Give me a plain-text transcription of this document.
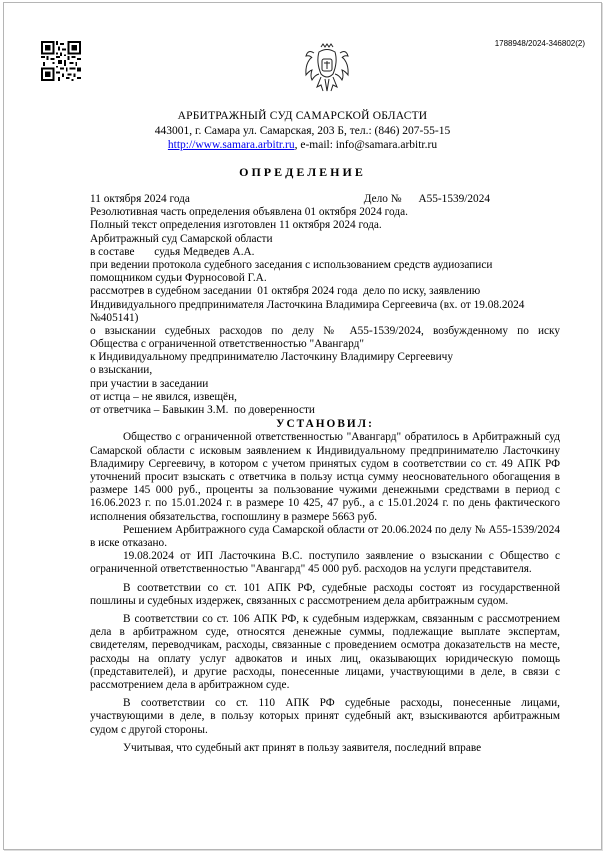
1788948/2024-346802(2)
АРБИТРАЖНЫЙ СУД САМАРСКОЙ ОБЛАСТИ
443001, г. Самара ул. Самарская, 203 Б, тел.: (846) 207-55-15
http://www.samara.arbitr.ru, e-mail: info@samara.arbitr.ru
ОПРЕДЕЛЕНИЕ
11 октября 2024 года	Дело № А55-1539/2024
Резолютивная часть определения объявлена 01 октября 2024 года.
Полный текст определения изготовлен 11 октября 2024 года.
Арбитражный суд Самарской области
в составе       судья Медведев А.А.
при ведении протокола судебного заседания с использованием средств аудиозаписи
помощником судьи Фурносовой Г.А.
рассмотрев в судебном заседании  01 октября 2024 года  дело по иску, заявлению
Индивидуального предпринимателя Ласточкина Владимира Сергеевича (вх. от 19.08.2024
№405141)
о взыскании судебных расходов по делу № А55-1539/2024, возбужденному по иску
Общества с ограниченной ответственностью "Авангард"
к Индивидуальному предпринимателю Ласточкину Владимиру Сергеевичу
о взыскании,
при участии в заседании
от истца – не явился, извещён,
от ответчика – Бавыкин З.М.  по доверенности
УСТАНОВИЛ:
Общество с ограниченной ответственностью "Авангард" обратилось в Арбитражный суд Самарской области с исковым заявлением к Индивидуальному предпринимателю Ласточкину Владимиру Сергеевичу, в котором с учетом принятых судом в соответствии со ст. 49 АПК РФ уточнений просит взыскать с ответчика в пользу истца сумму неосновательного обогащения в размере 145 000 руб., проценты за пользование чужими денежными средствами в период с 16.06.2023 г. по 15.01.2024 г. в размере 10 425, 47 руб., а с 15.01.2024 г. по день фактического исполнения обязательства, госпошлину в размере 5663 руб.
Решением Арбитражного суда Самарской области от 20.06.2024 по делу № А55-1539/2024 в иске отказано.
19.08.2024 от ИП Ласточкина В.С. поступило заявление о взыскании с Общество с ограниченной ответственностью "Авангард" 45 000 руб. расходов на услуги представителя.
В соответствии со ст. 101 АПК РФ, судебные расходы состоят из государственной пошлины и судебных издержек, связанных с рассмотрением дела арбитражным судом.
В соответствии со ст. 106 АПК РФ, к судебным издержкам, связанным с рассмотрением дела в арбитражном суде, относятся денежные суммы, подлежащие выплате экспертам, свидетелям, переводчикам, расходы, связанные с проведением осмотра доказательств на месте, расходы на оплату услуг адвокатов и иных лиц, оказывающих юридическую помощь (представителей), и другие расходы, понесенные лицами, участвующими в деле, в связи с рассмотрением дела в арбитражном суде.
В соответствии со ст. 110 АПК РФ судебные расходы, понесенные лицами, участвующими в деле, в пользу которых принят судебный акт, взыскиваются арбитражным судом с другой стороны.
Учитывая, что судебный акт принят в пользу заявителя, последний вправе
